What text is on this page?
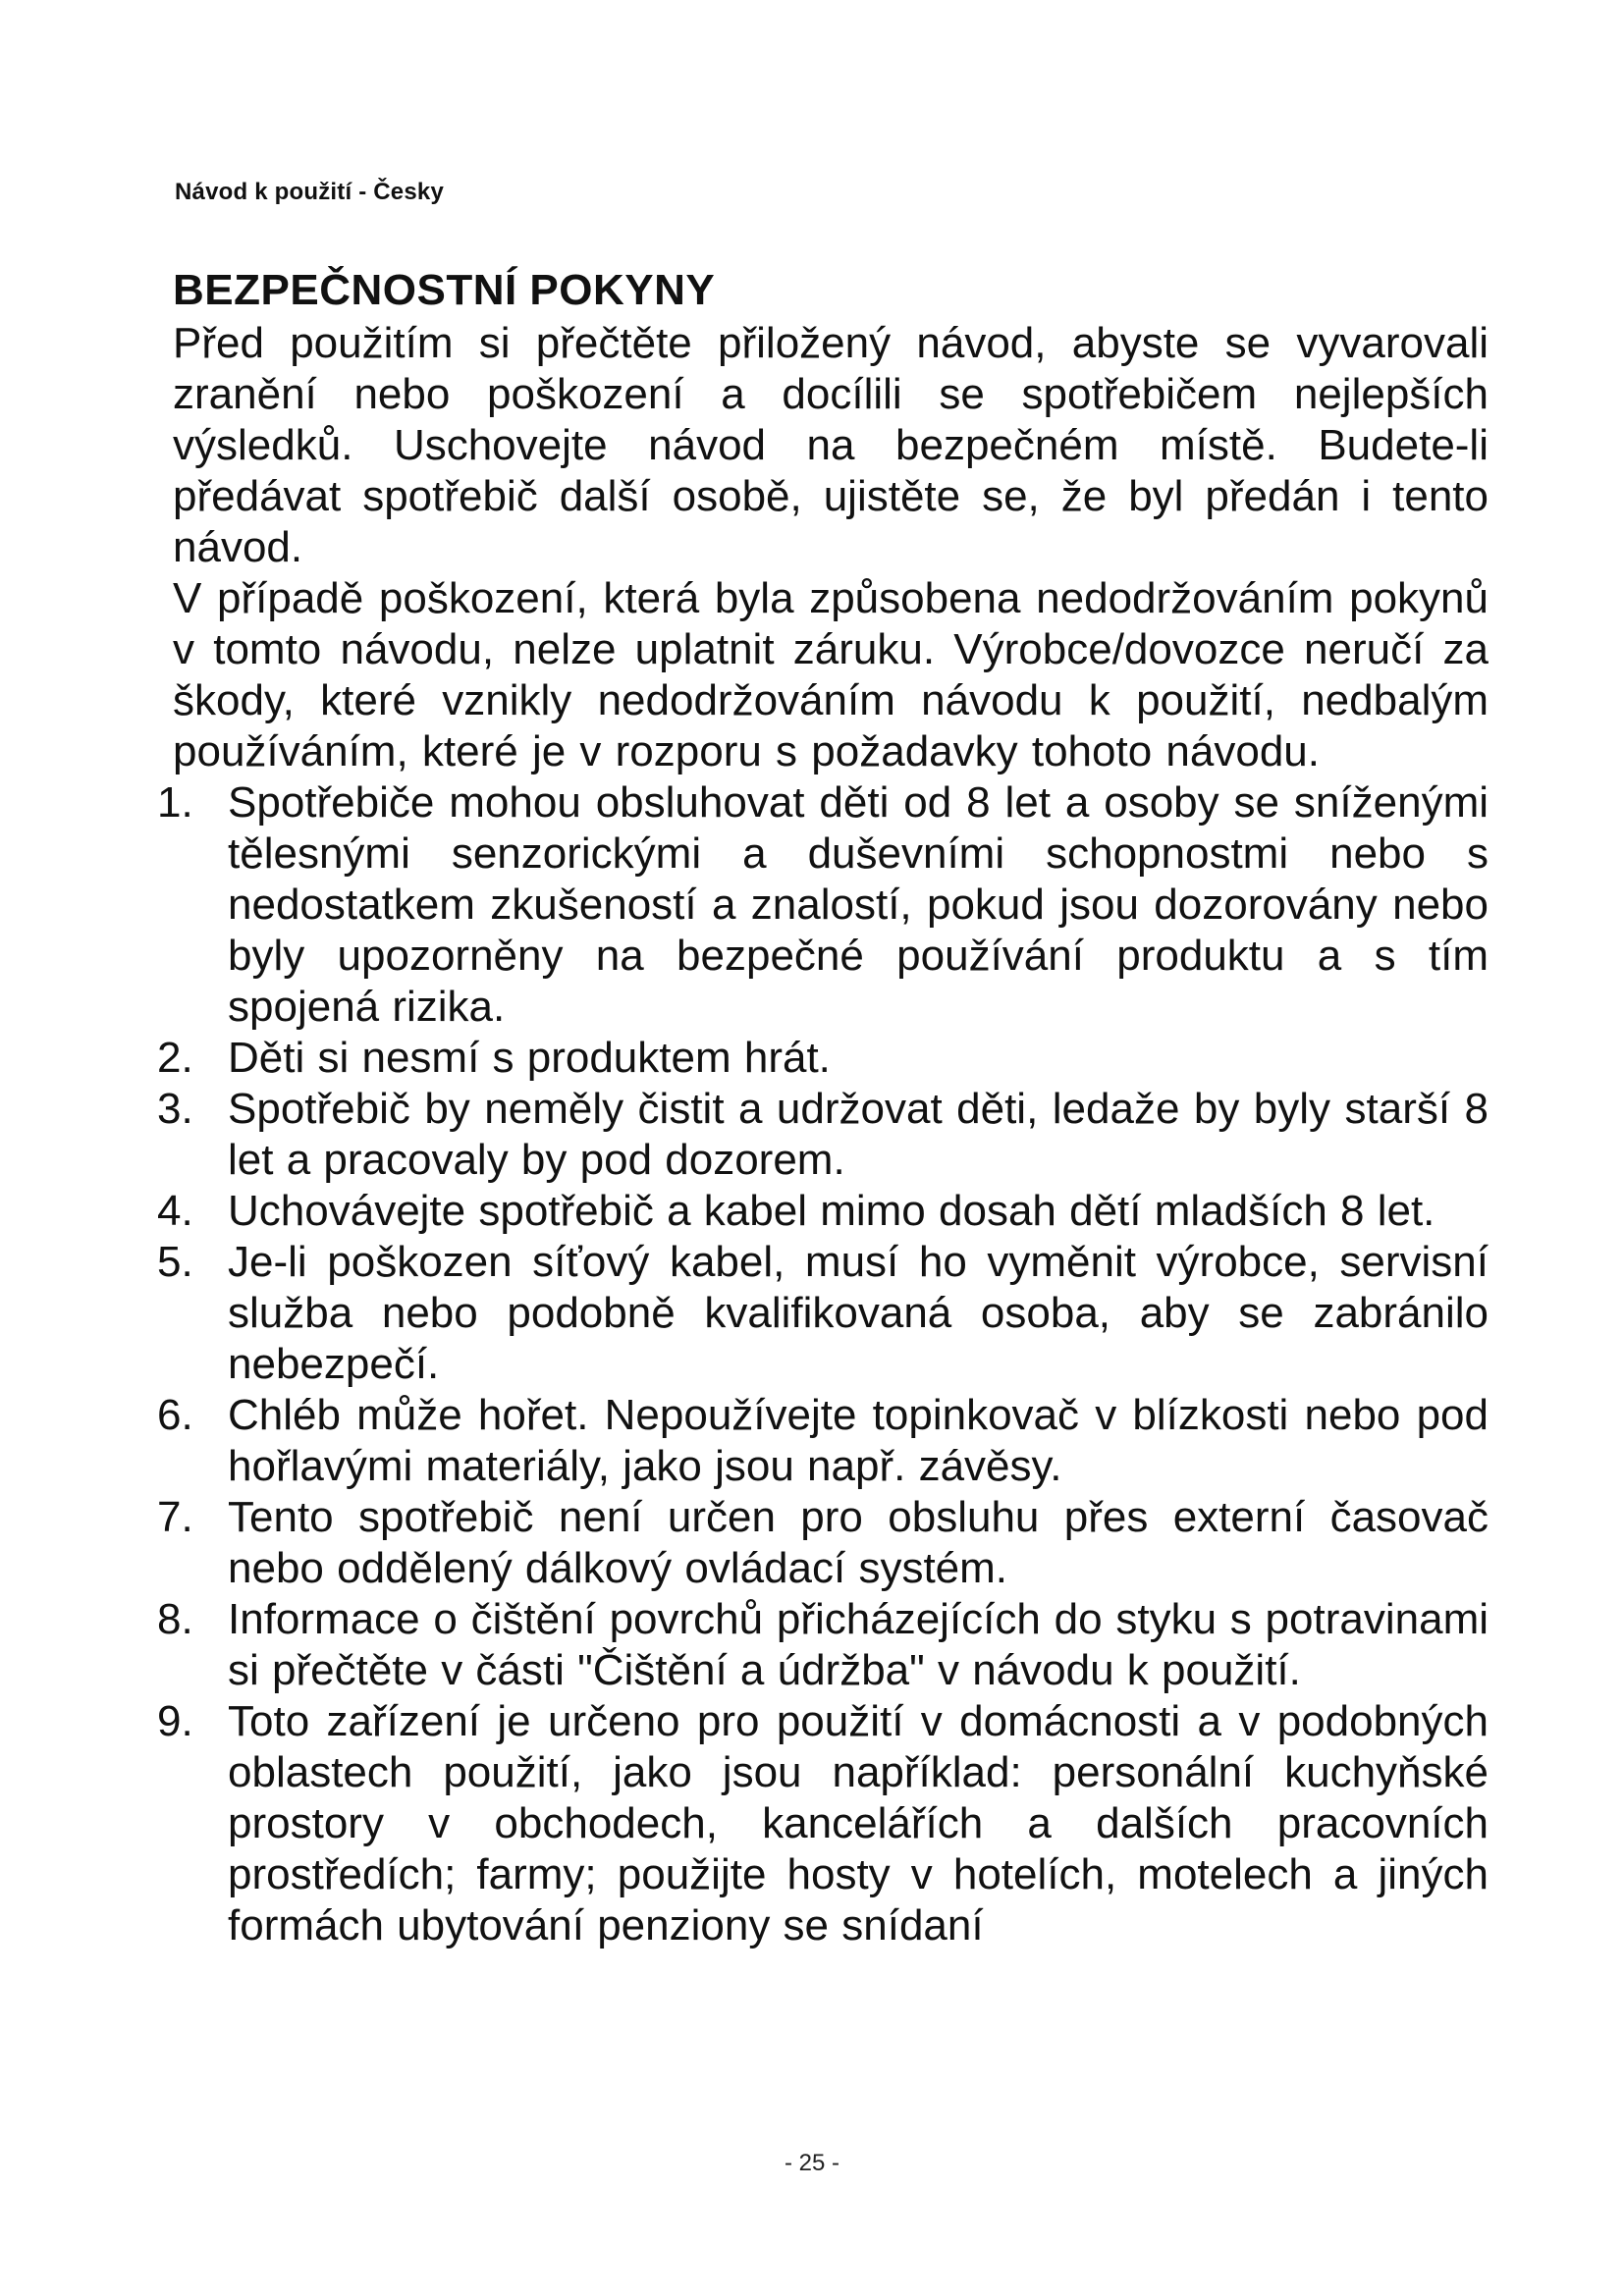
Návod k použití - Česky
BEZPEČNOSTNÍ POKYNY

Před použitím si přečtěte přiložený návod, abyste se vyvarovali zranění nebo poškození a docílili se spotřebičem nejlepších výsledků. Uschovejte návod na bezpečném místě. Budete-li předávat spotřebič další osobě, ujistěte se, že byl předán i tento návod.

V případě poškození, která byla způsobena nedodržováním pokynů v tomto návodu, nelze uplatnit záruku. Výrobce/dovozce neručí za škody, které vznikly nedodržováním návodu k použití, nedbalým používáním, které je v rozporu s požadavky tohoto návodu.

1. Spotřebiče mohou obsluhovat děti od 8 let a osoby se sníženými tělesnými senzorickými a duševními schopnostmi nebo s nedostatkem zkušeností a znalostí, pokud jsou dozorovány nebo byly upozorněny na bezpečné používání produktu a s tím spojená rizika.
2. Děti si nesmí s produktem hrát.
3. Spotřebič by neměly čistit a udržovat děti, ledaže by byly starší 8 let a pracovaly by pod dozorem.
4. Uchovávejte spotřebič a kabel mimo dosah dětí mladších 8 let.
5. Je-li poškozen síťový kabel, musí ho vyměnit výrobce, servisní služba nebo podobně kvalifikovaná osoba, aby se zabránilo nebezpečí.
6. Chléb může hořet. Nepoužívejte topinkovač v blízkosti nebo pod hořlavými materiály, jako jsou např. závěsy.
7. Tento spotřebič není určen pro obsluhu přes externí časovač nebo oddělený dálkový ovládací systém.
8. Informace o čištění povrchů přicházejících do styku s potravinami si přečtěte v části "Čištění a údržba" v návodu k použití.
9. Toto zařízení je určeno pro použití v domácnosti a v podobných oblastech použití, jako jsou například: personální kuchyňské prostory v obchodech, kancelářích a dalších pracovních prostředích; farmy; použijte hosty v hotelích, motelech a jiných formách ubytování penziony se snídaní
- 25 -
